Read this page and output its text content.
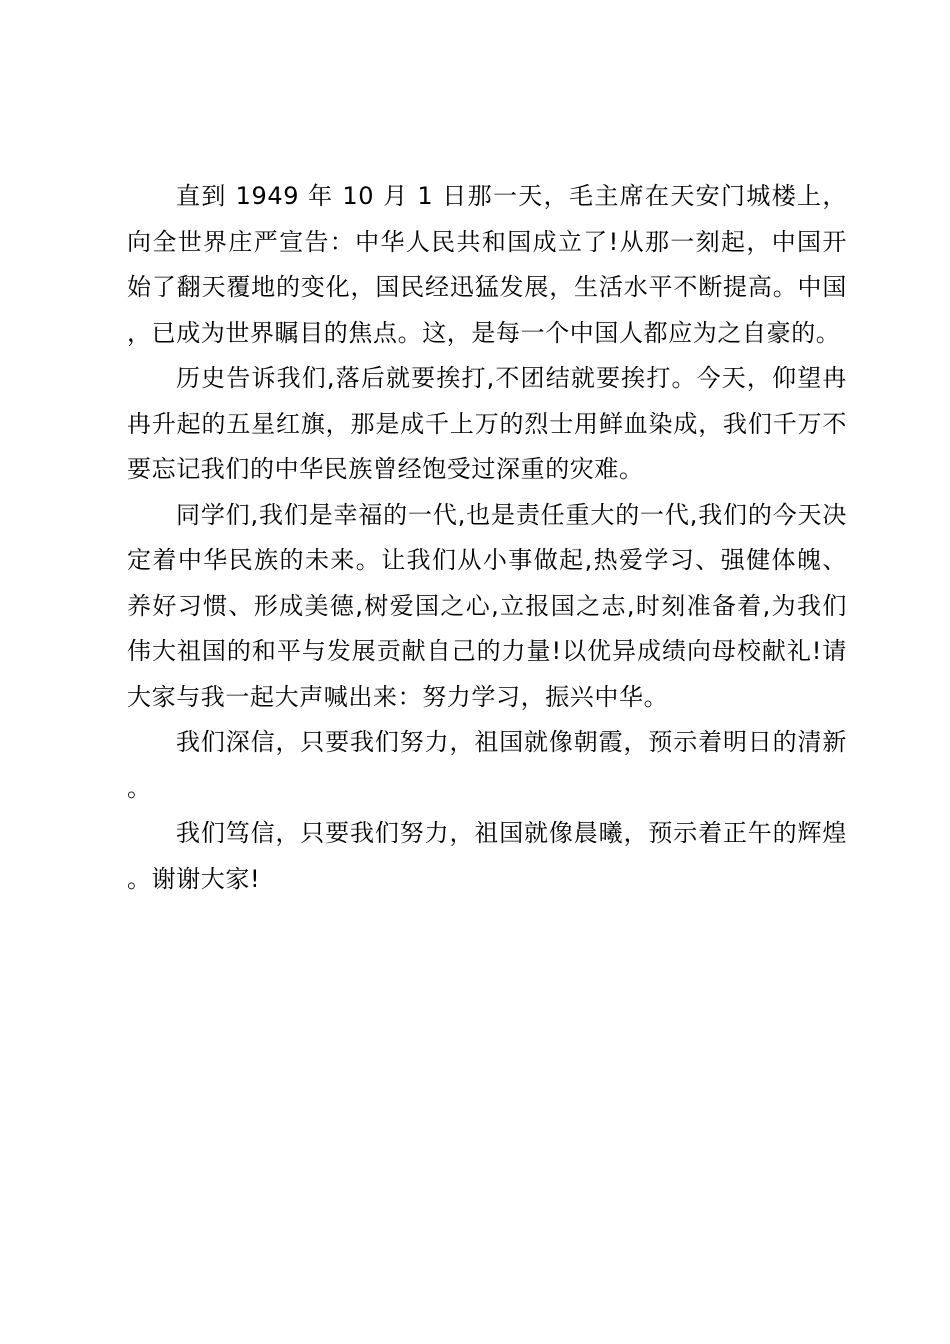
直到 1949 年 10 月 1 日那一天，毛主席在天安门城楼上，向全世界庄严宣告：中华人民共和国成立了!从那一刻起，中国开始了翻天覆地的变化，国民经迅猛发展，生活水平不断提高。中国，已成为世界瞩目的焦点。这，是每一个中国人都应为之自豪的。

历史告诉我们,落后就要挨打,不团结就要挨打。今天，仰望冉冉升起的五星红旗，那是成千上万的烈士用鲜血染成，我们千万不要忘记我们的中华民族曾经饱受过深重的灾难。

同学们,我们是幸福的一代,也是责任重大的一代,我们的今天决定着中华民族的未来。让我们从小事做起,热爱学习、强健体魄、养好习惯、形成美德,树爱国之心,立报国之志,时刻准备着,为我们伟大祖国的和平与发展贡献自己的力量!以优异成绩向母校献礼!请大家与我一起大声喊出来：努力学习，振兴中华。

我们深信，只要我们努力，祖国就像朝霞，预示着明日的清新。

我们笃信，只要我们努力，祖国就像晨曦，预示着正午的辉煌。谢谢大家!
